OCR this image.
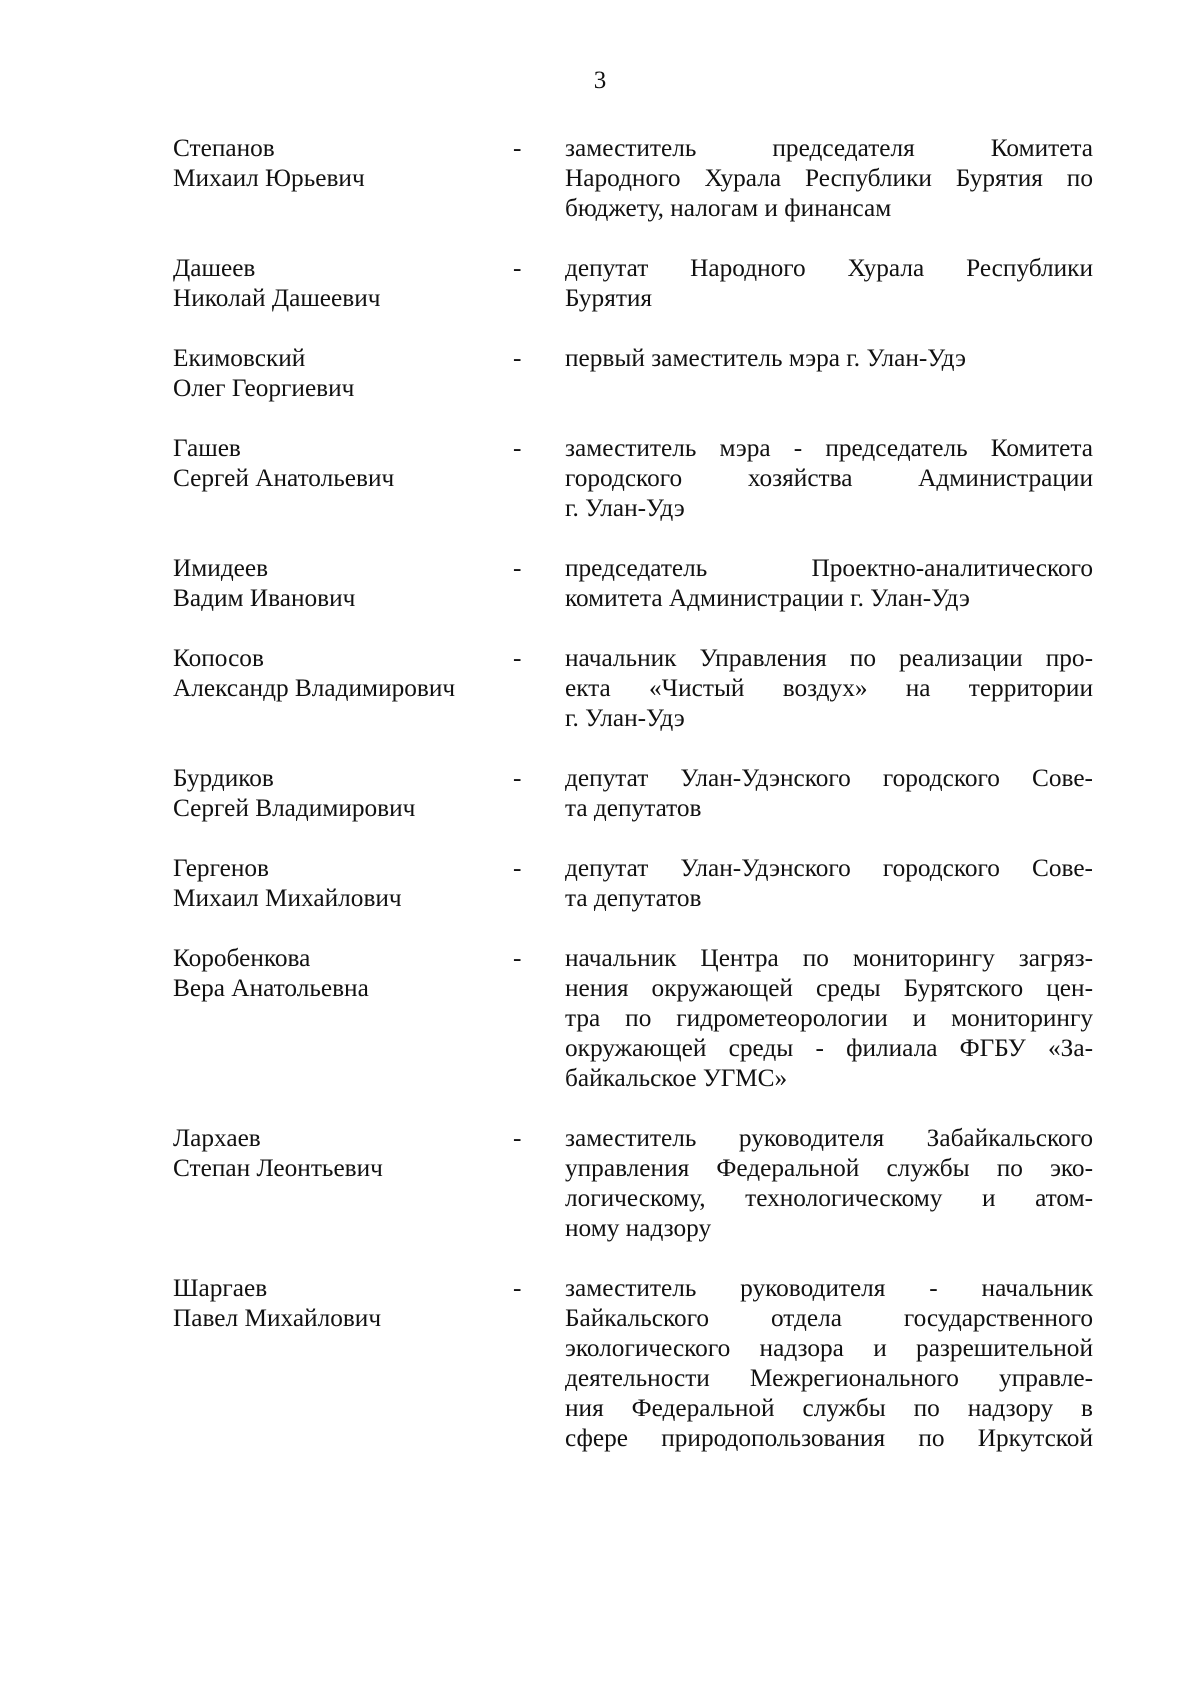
3
Степанов
Михаил Юрьевич
-
заместитель председателя Комитета
Народного Хурала Республики Бурятия по
бюджету, налогам и финансам
Дашеев
Николай Дашеевич
-
депутат Народного Хурала Республики
Бурятия
Екимовский
Олег Георгиевич
-
первый заместитель мэра г. Улан-Удэ
Гашев
Сергей Анатольевич
-
заместитель мэра - председатель Комитета
городского хозяйства Администрации
г. Улан-Удэ
Имидеев
Вадим Иванович
-
председатель Проектно-аналитического
комитета Администрации г. Улан-Удэ
Копосов
Александр Владимирович
-
начальник Управления по реализации про-
екта «Чистый воздух» на территории
г. Улан-Удэ
Бурдиков
Сергей Владимирович
-
депутат Улан-Удэнского городского Сове-
та депутатов
Гергенов
Михаил Михайлович
-
депутат Улан-Удэнского городского Сове-
та депутатов
Коробенкова
Вера Анатольевна
-
начальник Центра по мониторингу загряз-
нения окружающей среды Бурятского цен-
тра по гидрометеорологии и мониторингу
окружающей среды - филиала ФГБУ «За-
байкальское УГМС»
Лархаев
Степан Леонтьевич
-
заместитель руководителя Забайкальского
управления Федеральной службы по эко-
логическому, технологическому и атом-
ному надзору
Шаргаев
Павел Михайлович
-
заместитель руководителя - начальник
Байкальского отдела государственного
экологического надзора и разрешительной
деятельности Межрегионального управле-
ния Федеральной службы по надзору в
сфере природопользования по Иркутской
